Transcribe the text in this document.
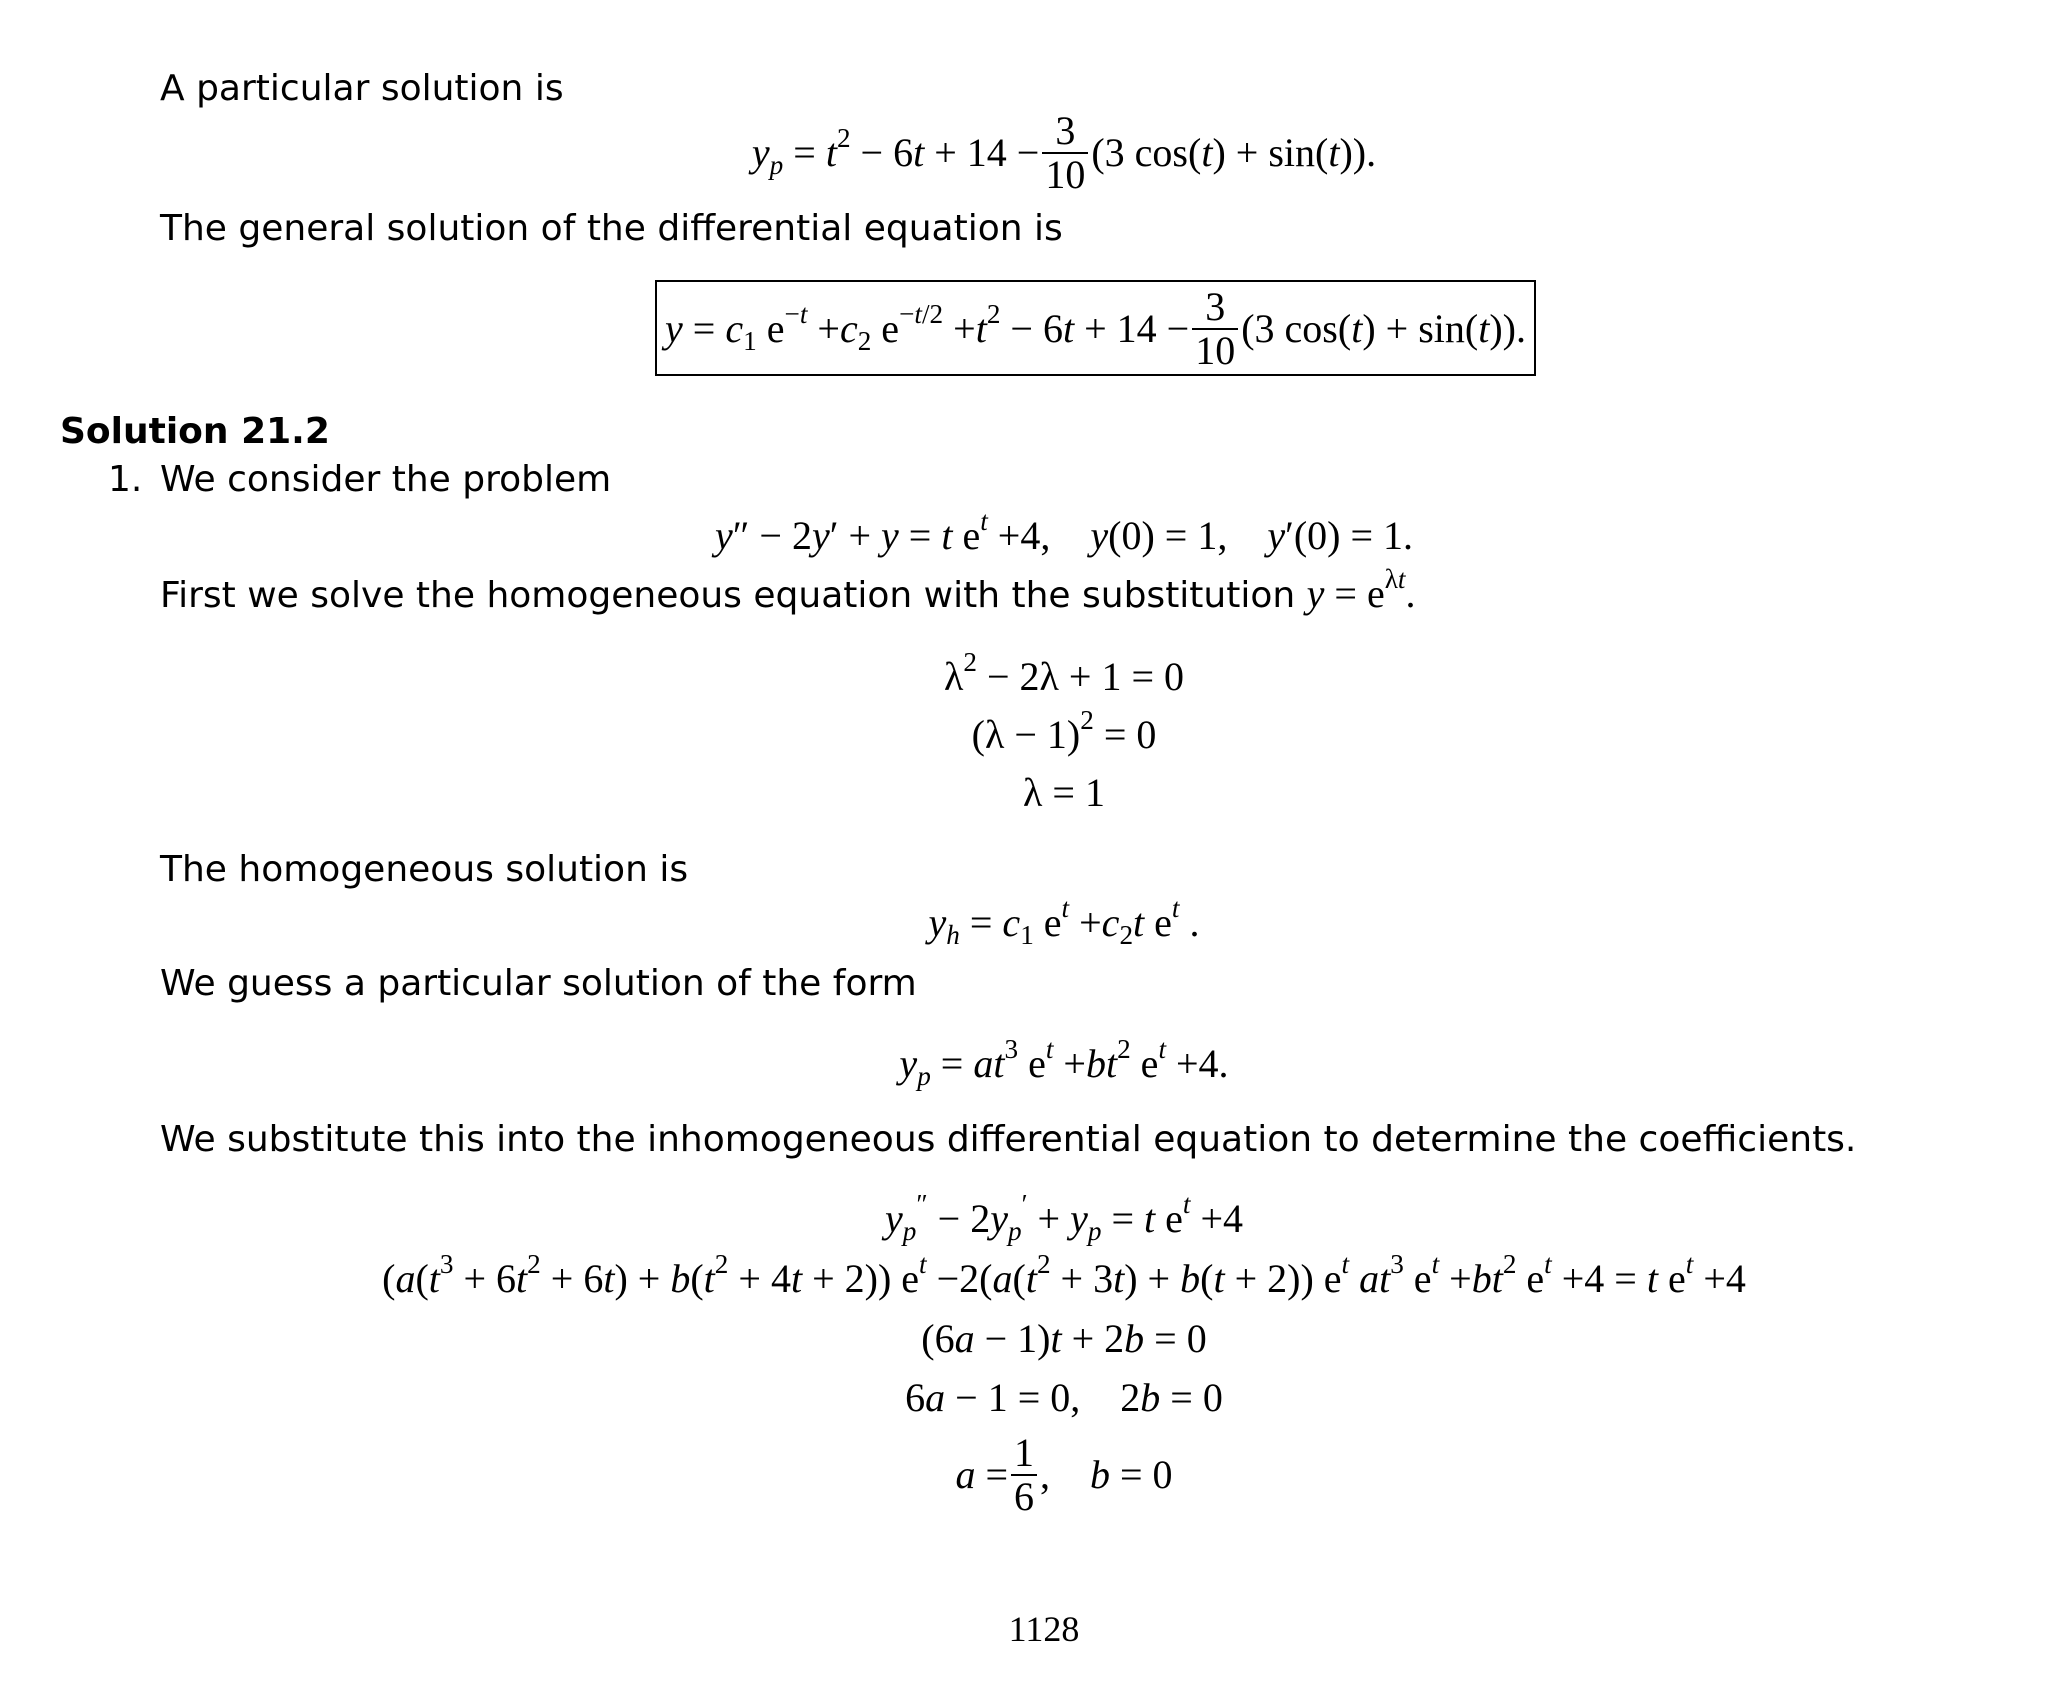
A particular solution is
$y_p = t^2 - 6t + 14 - \frac{3}{10} (3$ cos(t) + sin(t)).
The general solution of the differential equation is
$y = c_1$ $e^{-t} +c_2$ $e^{-t/2} +t^2 - 6t + 14 - \frac{3}{10} (3$ cos(t) + sin(t)).
Solution 21.2
1. We consider the problem
y″ − 2y′ + y = t $e^t +4$,    y(0) = 1,    y′(0) = 1.
First we solve the homogeneous equation with the substitution $y = e^{\lambda t}$.
$\lambda^2 - 2\lambda + 1 = 0$
$(\lambda - 1)^2 = 0$
λ = 1
The homogeneous solution is
$y_h = c_1$ $e^t +c_2t$ $e^t$ .
We guess a particular solution of the form
$y_p = at^3$ $e^t +bt^2$ $e^t +4$.
We substitute this into the inhomogeneous differential equation to determine the coefficients.
$y_p'' - 2y_p' + y_p = t$ $e^t +4$
$(a(t^3 + 6t^2 + 6t) + b(t^2 + 4t + 2))$ $e^t -2(a(t^2 + 3t) + b(t + 2))$ $e^t$ $at^3$ $e^t +bt^2$ $e^t +4 = t$ $e^t +4$
(6a − 1)t + 2b = 0
6a − 1 = 0,    2b = 0
$a = \frac{1}{6}$ ,    b = 0
1128
